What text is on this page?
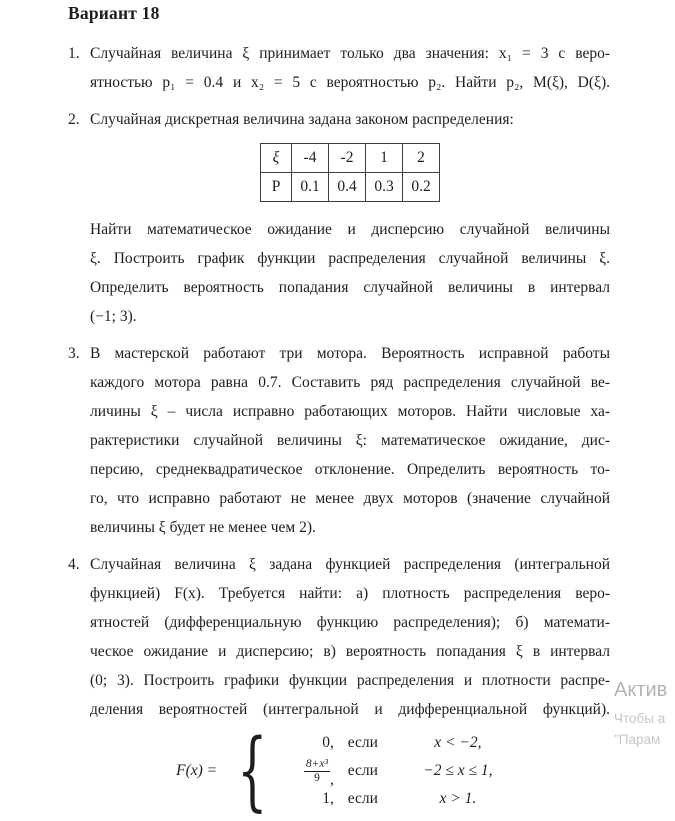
Вариант 18
1. Случайная величина ξ принимает только два значения: x₁ = 3 с веро-
ятностью p₁ = 0.4 и x₂ = 5 с вероятностью p₂. Найти p₂, M(ξ), D(ξ).
2. Случайная дискретная величина задана законом распределения:
ξ	-4	-2	1	2
P	0.1	0.4	0.3	0.2
Найти математическое ожидание и дисперсию случайной величины
ξ. Построить график функции распределения случайной величины ξ.
Определить вероятность попадания случайной величины в интервал
(−1; 3).
3. В мастерской работают три мотора. Вероятность исправной работы
каждого мотора равна 0.7. Составить ряд распределения случайной ве-
личины ξ – числа исправно работающих моторов. Найти числовые ха-
рактеристики случайной величины ξ: математическое ожидание, дис-
персию, среднеквадратическое отклонение. Определить вероятность то-
го, что исправно работают не менее двух моторов (значение случайной
величины ξ будет не менее чем 2).
4. Случайная величина ξ задана функцией распределения (интегральной
функцией) F(x). Требуется найти: а) плотность распределения веро-
ятностей (дифференциальную функцию распределения); б) математи-
ческое ожидание и дисперсию; в) вероятность попадания ξ в интервал
(0; 3). Построить графики функции распределения и плотности распре-
деления вероятностей (интегральной и дифференциальной функций).
F(x) = {	0, если	x < −2,
$\frac{\text{8+x³}}{9}$ ,
если	−2 ≤ x ≤ 1,
1, если	x > 1.
Актив
Чтобы а
"Парам
